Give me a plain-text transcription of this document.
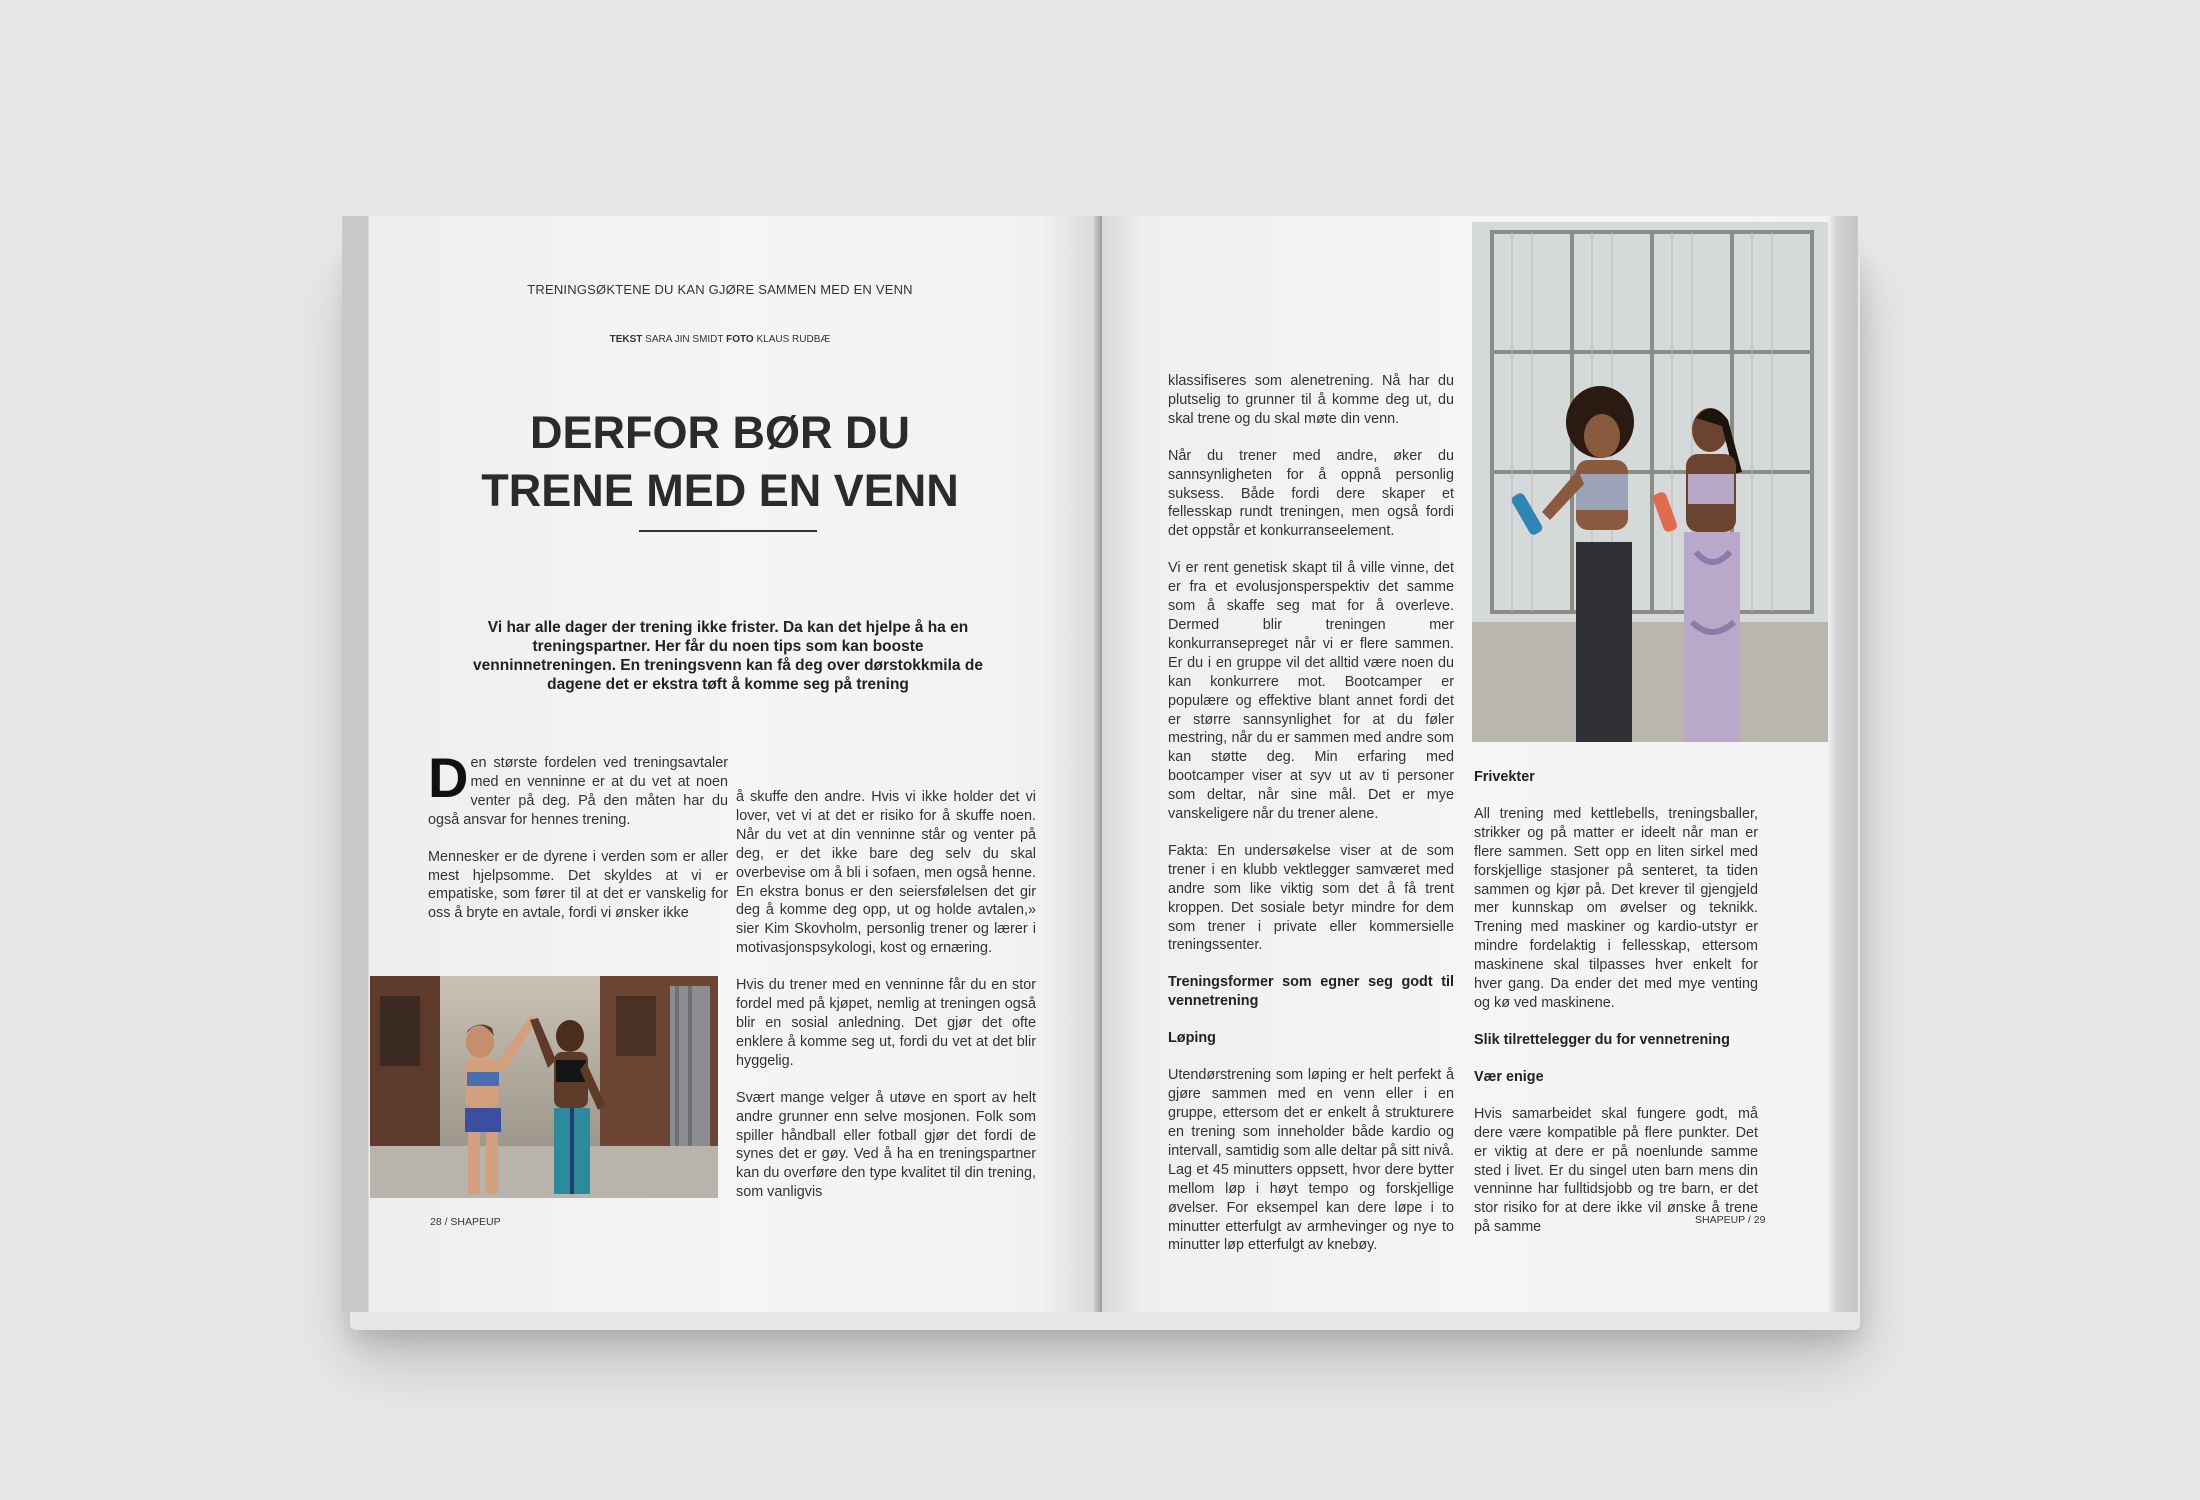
TRENINGSØKTENE DU KAN GJØRE SAMMEN MED EN VENN
TEKST SARA JIN SMIDT FOTO KLAUS RUDBÆ
DERFOR BØR DU
TRENE MED EN VENN
Vi har alle dager der trening ikke frister. Da kan det hjelpe å ha en treningspartner. Her får du noen tips som kan booste venninnetreningen. En treningsvenn kan få deg over dørstokkmila de dagene det er ekstra tøft å komme seg på trening

Den største fordelen ved treningsavtaler med en venninne er at du vet at noen venter på deg. På den måten har du også ansvar for hennes trening.

Mennesker er de dyrene i verden som er aller mest hjelpsomme. Det skyldes at vi er empatiske, som fører til at det er vanskelig for oss å bryte en avtale, fordi vi ønsker ikke

å skuffe den andre. Hvis vi ikke holder det vi lover, vet vi at det er risiko for å skuffe noen. Når du vet at din venninne står og venter på deg, er det ikke bare deg selv du skal overbevise om å bli i sofaen, men også henne. En ekstra bonus er den seiersfølelsen det gir deg å komme deg opp, ut og holde avtalen,» sier Kim Skovholm, personlig trener og lærer i motivasjonspsykologi, kost og ernæring.

Hvis du trener med en venninne får du en stor fordel med på kjøpet, nemlig at treningen også blir en sosial anledning. Det gjør det ofte enklere å komme seg ut, fordi du vet at det blir hyggelig.

Svært mange velger å utøve en sport av helt andre grunner enn selve mosjonen. Folk som spiller håndball eller fotball gjør det fordi de synes det er gøy. Ved å ha en treningspartner kan du overføre den type kvalitet til din trening, som vanligvis

28 / SHAPEUP

klassifiseres som alenetrening. Nå har du plutselig to grunner til å komme deg ut, du skal trene og du skal møte din venn.

Når du trener med andre, øker du sannsynligheten for å oppnå personlig suksess. Både fordi dere skaper et fellesskap rundt treningen, men også fordi det oppstår et konkurranseelement.

Vi er rent genetisk skapt til å ville vinne, det er fra et evolusjonsperspektiv det samme som å skaffe seg mat for å overleve. Dermed blir treningen mer konkurransepreget når vi er flere sammen. Er du i en gruppe vil det alltid være noen du kan konkurrere mot. Bootcamper er populære og effektive blant annet fordi det er større sannsynlighet for at du føler mestring, når du er sammen med andre som kan støtte deg. Min erfaring med bootcamper viser at syv ut av ti personer som deltar, når sine mål. Det er mye vanskeligere når du trener alene.

Fakta: En undersøkelse viser at de som trener i en klubb vektlegger samværet med andre som like viktig som det å få trent kroppen. Det sosiale betyr mindre for dem som trener i private eller kommersielle treningssenter.

Treningsformer som egner seg godt til vennetrening

Løping

Utendørstrening som løping er helt perfekt å gjøre sammen med en venn eller i en gruppe, ettersom det er enkelt å strukturere en trening som inneholder både kardio og intervall, samtidig som alle deltar på sitt nivå. Lag et 45 minutters oppsett, hvor dere bytter mellom løp i høyt tempo og forskjellige øvelser. For eksempel kan dere løpe i to minutter etterfulgt av armhevinger og nye to minutter løp etterfulgt av knebøy.

Frivekter

All trening med kettlebells, treningsballer, strikker og på matter er ideelt når man er flere sammen. Sett opp en liten sirkel med forskjellige stasjoner på senteret, ta tiden sammen og kjør på. Det krever til gjengjeld mer kunnskap om øvelser og teknikk. Trening med maskiner og kardio-utstyr er mindre fordelaktig i fellesskap, ettersom maskinene skal tilpasses hver enkelt for hver gang. Da ender det med mye venting og kø ved maskinene.

Slik tilrettelegger du for vennetrening

Vær enige

Hvis samarbeidet skal fungere godt, må dere være kompatible på flere punkter. Det er viktig at dere er på noenlunde samme sted i livet. Er du singel uten barn mens din venninne har fulltidsjobb og tre barn, er det stor risiko for at dere ikke vil ønske å trene på samme	SHAPEUP / 29
